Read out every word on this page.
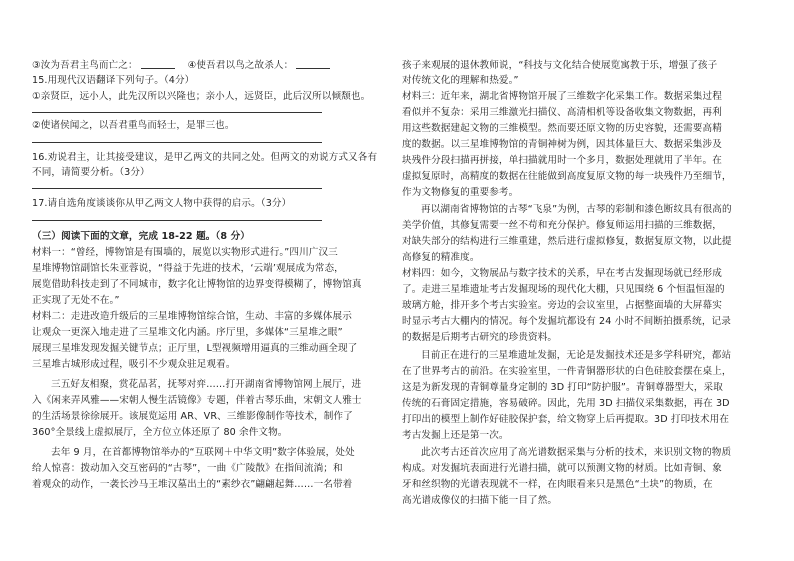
③汝为吾君主鸟而亡之：	④使吾君以鸟之故杀人：
15.用现代汉语翻译下列句子。（4分）
①亲贤臣，远小人，此先汉所以兴隆也；亲小人，远贤臣，此后汉所以倾颓也。
②使诸侯闻之，以吾君重鸟而轻士，是罪三也。
16.劝说君主，让其接受建议，是甲乙两文的共同之处。但两文的劝说方式又各有
不同，请简要分析。（3分）
17.请自选角度谈谈你从甲乙两文人物中获得的启示。（3分）
（三）阅读下面的文章，完成 18-22 题。（8 分）
材料一：“曾经，博物馆是有围墙的，展览以实物形式进行。”四川广汉三
星堆博物馆副馆长朱亚蓉说，“得益于先进的技术，‘云端’观展成为常态，
展览借助科技走到了不同城市，数字化让博物馆的边界变得模糊了，博物馆真
正实现了无处不在。”
材料二：走进改造升级后的三星堆博物馆综合馆，生动、丰富的多媒体展示
让观众一更深入地走进了三星堆文化内涵。序厅里，多媒体“三星堆之眼”
展现三星堆发现发掘关键节点；正厅里，L型视频增用逼真的三维动画全现了
三星堆古城形成过程，吸引不少观众驻足观看。
三五好友相聚，赏花品茗，抚琴对弈……打开湖南省博物馆网上展厅，进
入《闲来弄风雅——宋朝人慢生活镜像》专题，伴着古琴乐曲，宋朝文人雅士
的生活场景徐徐展开。该展览运用 AR、VR、三维影像制作等技术，制作了
360°全景线上虚拟展厅，全方位立体还原了 80 余件文物。
去年 9 月，在首都博物馆举办的“互联网＋中华文明”数字体验展，处处
给人惊喜：拨动加入交互密码的“古琴”，一曲《广陵散》在指间流淌；和
着观众的动作，一袭长沙马王堆汉墓出土的“素纱衣”翩翩起舞……一名带着
孩子来观展的退休教师说，“科技与文化结合使展览寓教于乐，增强了孩子
对传统文化的理解和热爱。”
材料三：近年来，湖北省博物馆开展了三维数字化采集工作。数据采集过程
看似并不复杂：采用三维激光扫描仪、高清相机等设备收集文物数据，再利
用这些数据建起文物的三维模型。然而要还原文物的历史容貌，还需要高精
度的数据。以三星堆博物馆的青铜神树为例，因其体量巨大、数据采集涉及
块残件分段扫描再拼接，单扫描就用时一个多月，数据处理就用了半年。在
虚拟复原时，高精度的数据在往能做到高度复原文物的每一块残件乃至细节，
作为文物修复的重要参考。
再以湖南省博物馆的古琴“飞泉”为例，古琴的彩制和漆色断纹具有很高的
美学价值，其修复需要一丝不苟和充分保护。修复师运用扫描的三维数据，
对缺失部分的结构进行三维重建，然后进行虚拟修复，数据复原文物，以此提
高修复的精准度。
材料四：如今，文物展品与数字技术的关系，早在考古发掘现场就已经形成
了。走进三星堆遗址考古发掘现场的现代化大棚，只见围绕 6 个恒温恒湿的
玻璃方舱，排开多个考古实验室。旁边的会议室里，占据整面墙的大屏幕实
时显示考古大棚内的情况。每个发掘坑都设有 24 小时不间断拍摄系统，记录
的数据是后期考古研究的珍贵资料。
目前正在进行的三星堆遗址发掘，无论是发掘技术还是多学科研究，都站
在了世界考古的前沿。在实验室里，一件青铜器形状的白色硅胶套摆在桌上，
这是为新发现的青铜尊量身定制的 3D 打印“防护服”。青铜尊器型大，采取
传统的石膏固定措施，容易破碎。因此，先用 3D 扫描仪采集数据，再在 3D
打印出的模型上制作好硅胶保护套，给文物穿上后再提取。3D 打印技术用在
考古发掘上还是第一次。
此次考古还首次应用了高光谱数据采集与分析的技术，来识别文物的物质
构成。对发掘坑表面进行光谱扫描，就可以预测文物的材质。比如青铜、象
牙和丝织物的光谱表现就不一样，在肉眼看来只是黑色“土块”的物质，在
高光谱成像仪的扫描下能一目了然。
